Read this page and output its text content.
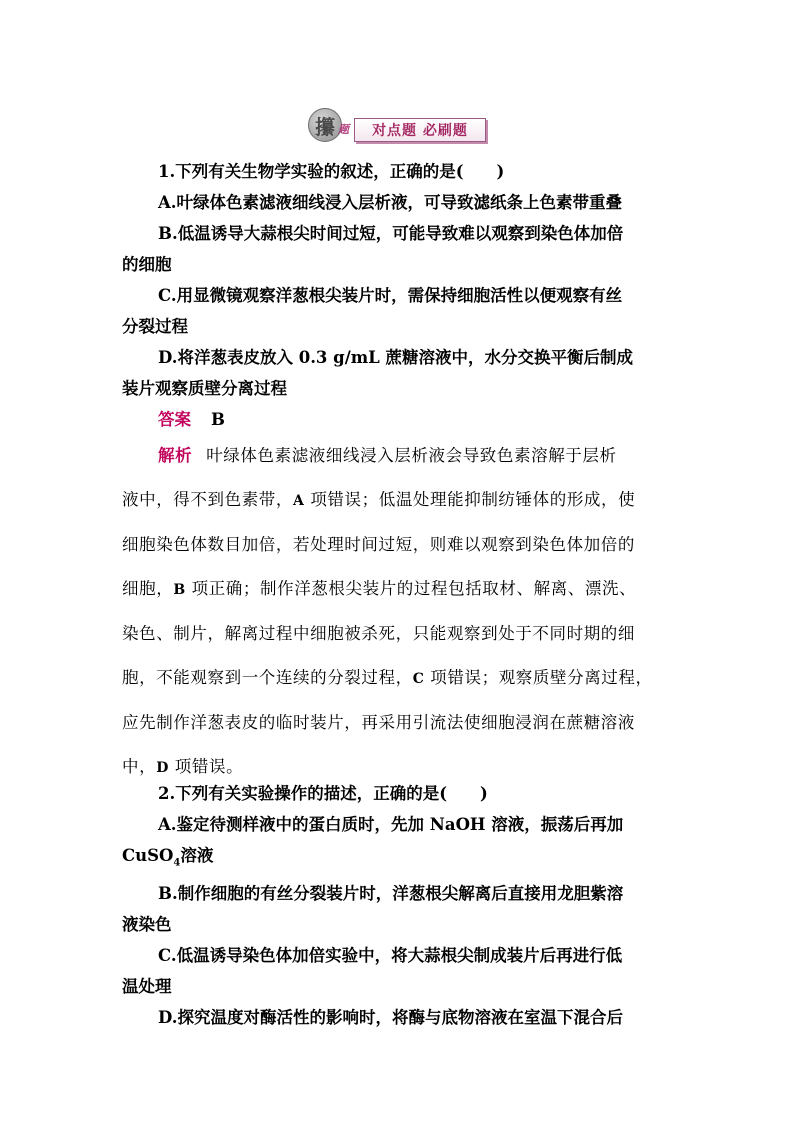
攥 题	对点题 必刷题
1.下列有关生物学实验的叙述，正确的是(　　)
A.叶绿体色素滤液细线浸入层析液，可导致滤纸条上色素带重叠
B.低温诱导大蒜根尖时间过短，可能导致难以观察到染色体加倍
的细胞
C.用显微镜观察洋葱根尖装片时，需保持细胞活性以便观察有丝
分裂过程
D.将洋葱表皮放入 0.3 g/mL 蔗糖溶液中，水分交换平衡后制成
装片观察质壁分离过程
答案 B
解析 叶绿体色素滤液细线浸入层析液会导致色素溶解于层析
液中，得不到色素带，A 项错误；低温处理能抑制纺锤体的形成，使
细胞染色体数目加倍，若处理时间过短，则难以观察到染色体加倍的
细胞，B 项正确；制作洋葱根尖装片的过程包括取材、解离、漂洗、
染色、制片，解离过程中细胞被杀死，只能观察到处于不同时期的细
胞，不能观察到一个连续的分裂过程，C 项错误；观察质壁分离过程，
应先制作洋葱表皮的临时装片，再采用引流法使细胞浸润在蔗糖溶液
中，D 项错误。
2.下列有关实验操作的描述，正确的是(　　)
A.鉴定待测样液中的蛋白质时，先加 NaOH 溶液，振荡后再加
CuSO$_4$溶液
B.制作细胞的有丝分裂装片时，洋葱根尖解离后直接用龙胆紫溶
液染色
C.低温诱导染色体加倍实验中，将大蒜根尖制成装片后再进行低
温处理
D.探究温度对酶活性的影响时，将酶与底物溶液在室温下混合后
